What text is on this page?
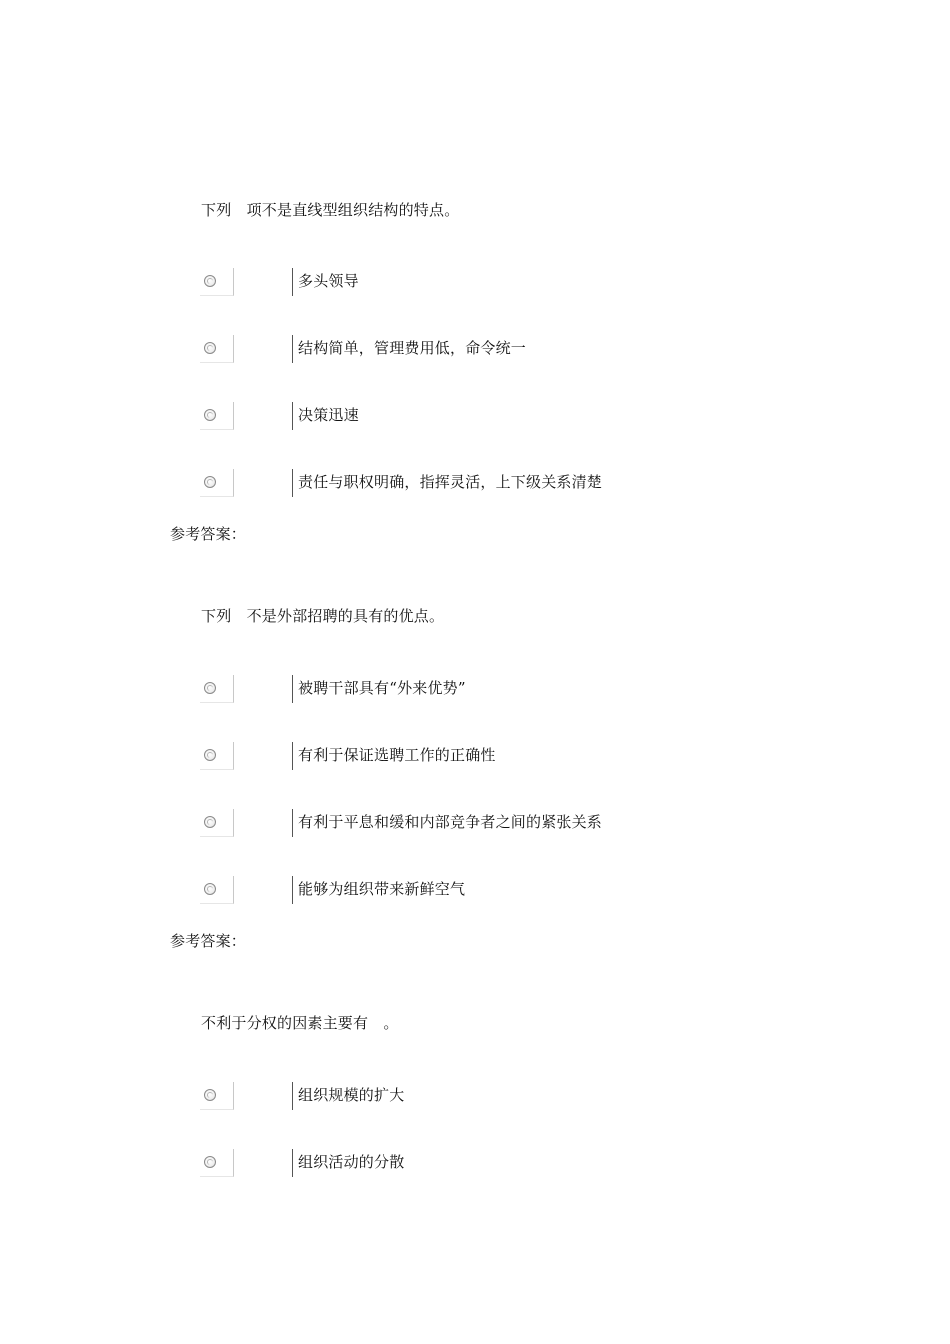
下列　项不是直线型组织结构的特点。
多头领导
结构简单，管理费用低，命令统一
决策迅速
责任与职权明确，指挥灵活，上下级关系清楚
参考答案：
下列　不是外部招聘的具有的优点。
被聘干部具有“外来优势”
有利于保证选聘工作的正确性
有利于平息和缓和内部竞争者之间的紧张关系
能够为组织带来新鲜空气
参考答案：
不利于分权的因素主要有　。
组织规模的扩大
组织活动的分散
